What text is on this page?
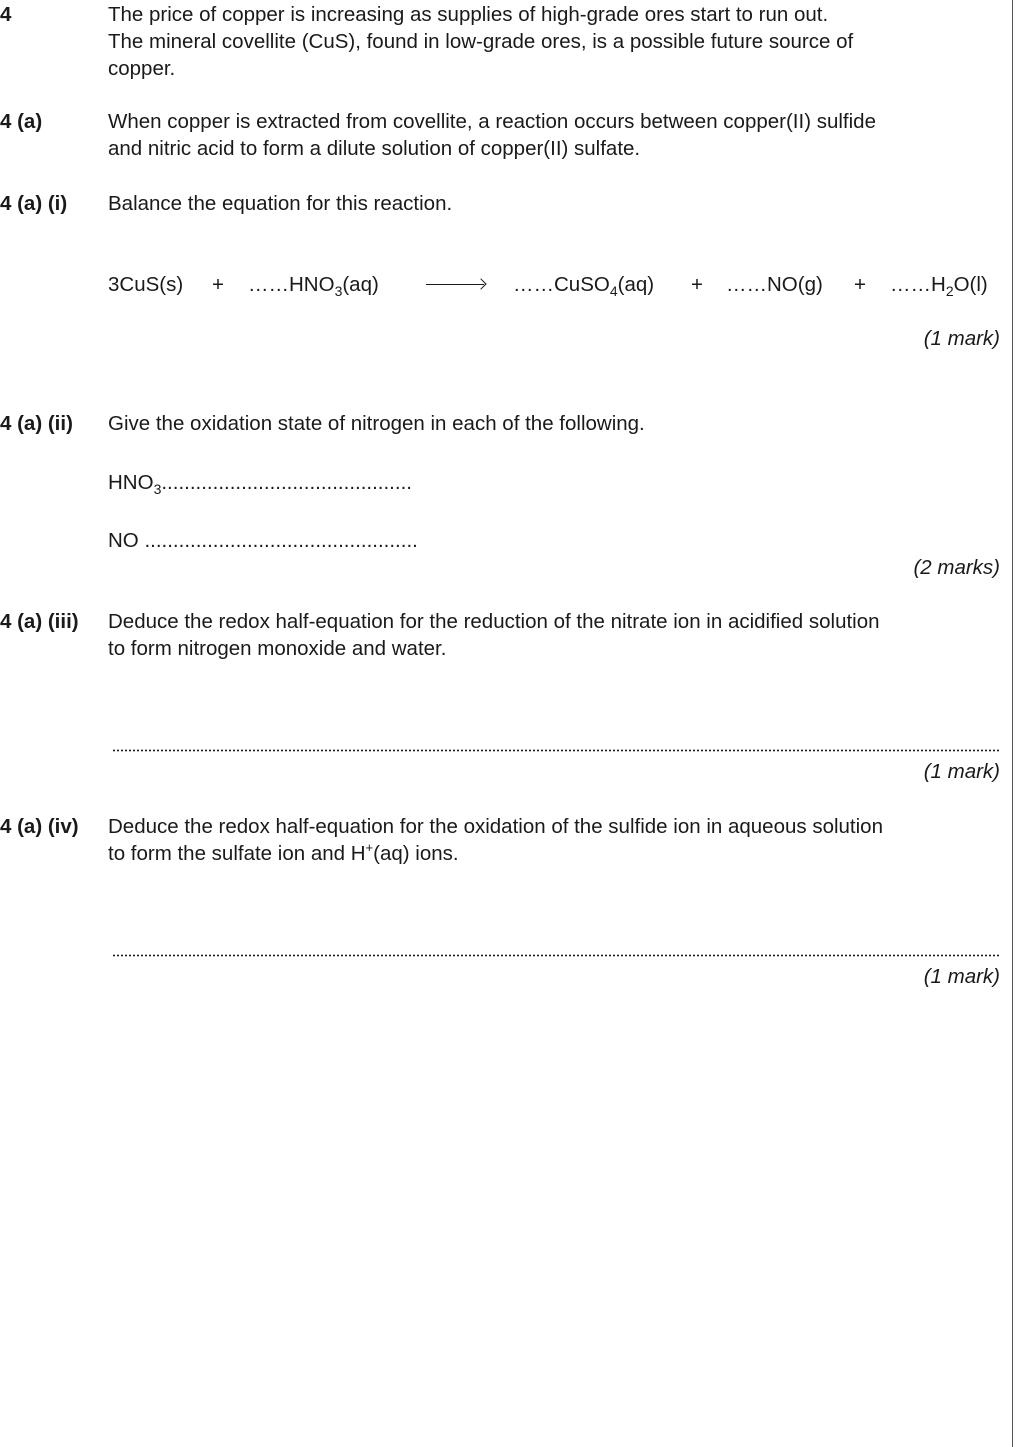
4	The price of copper is increasing as supplies of high-grade ores start to run out.
The mineral covellite (CuS), found in low-grade ores, is a possible future source of
copper.
4 (a)	When copper is extracted from covellite, a reaction occurs between copper(II) sulfide
and nitric acid to form a dilute solution of copper(II) sulfate.
4 (a) (i) Balance the equation for this reaction.
$3CuS(s) + \dots\dots HNO_3(aq)$	……CuSO$_4$(aq) + ……NO(g) + $\dots\dots H_2O(l)$
(1 mark)
4 (a) (ii) Give the oxidation state of nitrogen in each of the following.
$HNO_3$............................................
NO ................................................
(2 marks)
4 (a) (iii) Deduce the redox half-equation for the reduction of the nitrate ion in acidified solution
to form nitrogen monoxide and water.
(1 mark)
4 (a) (iv) Deduce the redox half-equation for the oxidation of the sulfide ion in aqueous solution
to form the sulfate ion and H+(aq) ions.
(1 mark)
